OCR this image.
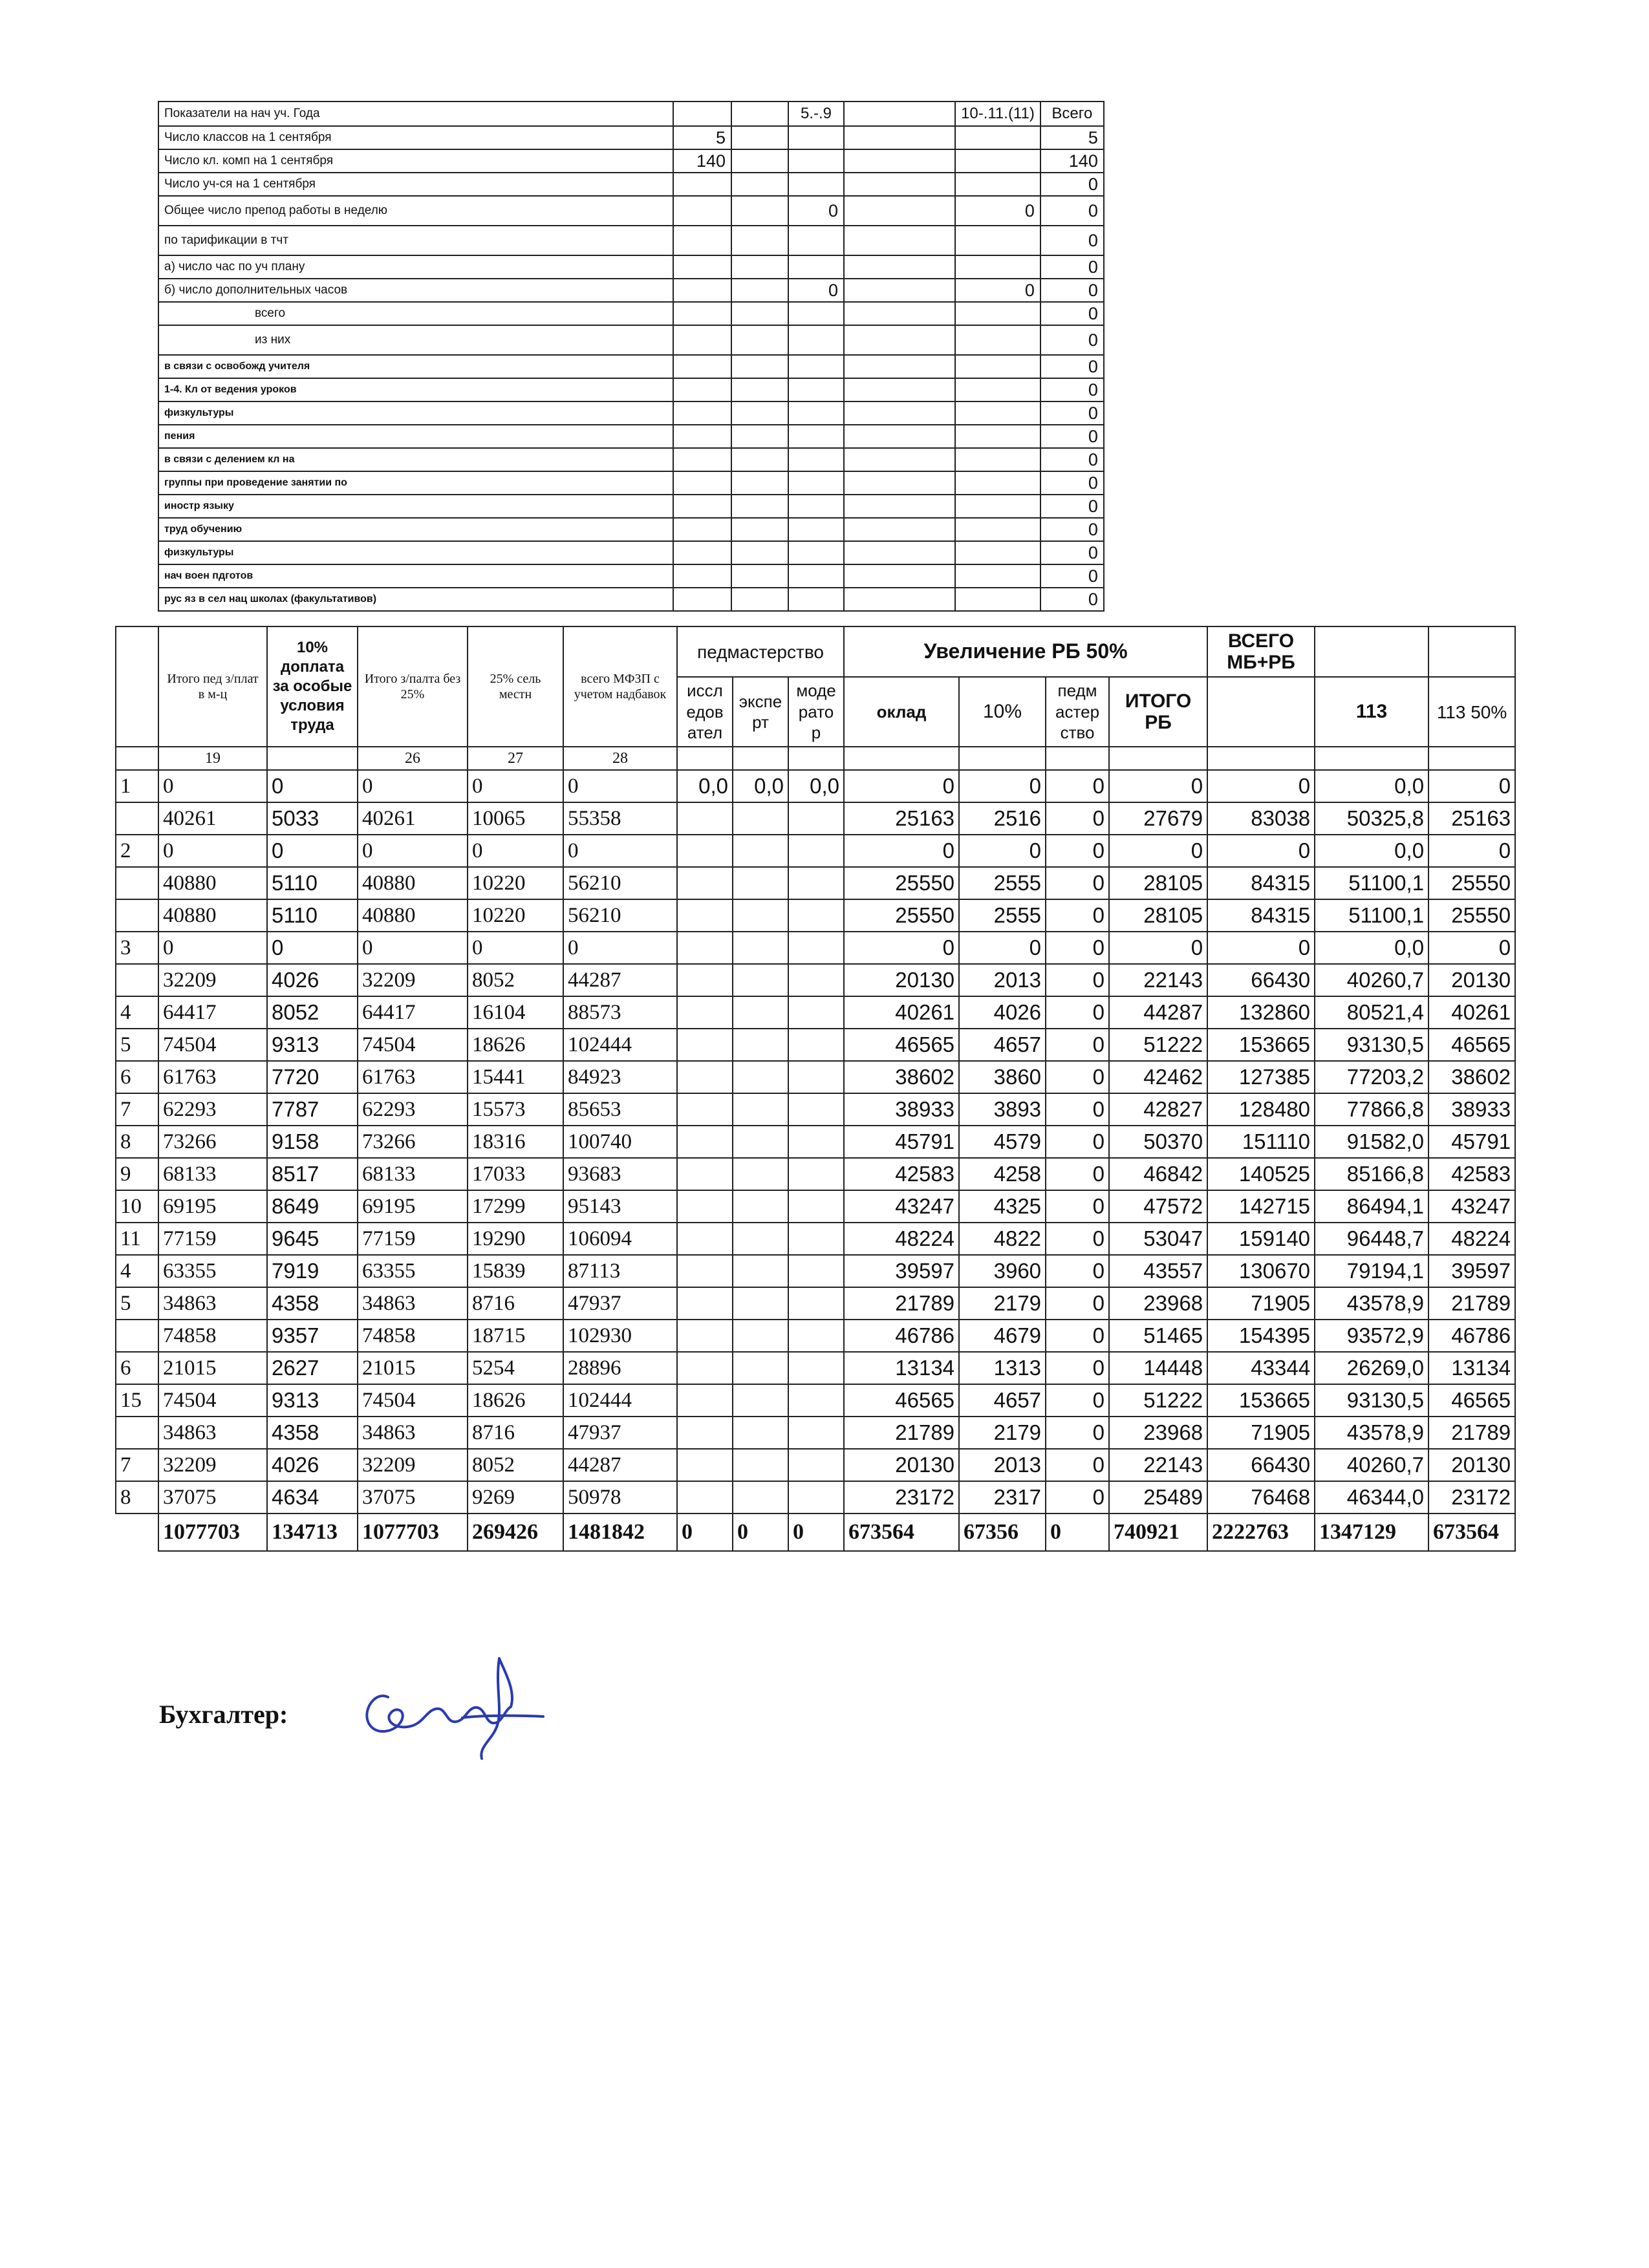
Показатели на нач уч. Года			5.-.9		10-.11.(11)	Всего
Число классов на 1 сентября	5					5
Число кл. комп на 1 сентября	140					140
Число уч-ся на 1 сентября						0
Общее число препод работы в неделю			0		0	0
по тарификации в тчт						0
а) число час по уч плану						0
б) число дополнительных часов			0		0	0
всего						0
из них						0
в связи с освобожд учителя						0
1-4. Кл от ведения уроков						0
физкультуры						0
пения						0
в связи с делением кл на						0
группы при проведение занятии по						0
иностр языку						0
труд обучению						0
физкультуры						0
нач воен пдготов						0
рус яз в сел нац школах (факультативов)						0
	Итого пед з/плат в м-ц	10% доплата за особые условия труда	Итого з/палта без 25%	25% сель местн	всего МФЗП с учетом надбавок	педмастерство			Увеличение РБ 50%				ВСЕГО МБ+РБ		
						иссл едов ател	экспе рт	моде рато р	оклад	10%	педм астер ство	ИТОГО РБ		113	113 50%
	19		26	27	28										
1	0	0	0	0	0	0,0	0,0	0,0	0	0	0	0	0	0,0	0
	40261	5033	40261	10065	55358				25163	2516	0	27679	83038	50325,8	25163
2	0	0	0	0	0				0	0	0	0	0	0,0	0
	40880	5110	40880	10220	56210				25550	2555	0	28105	84315	51100,1	25550
	40880	5110	40880	10220	56210				25550	2555	0	28105	84315	51100,1	25550
3	0	0	0	0	0				0	0	0	0	0	0,0	0
	32209	4026	32209	8052	44287				20130	2013	0	22143	66430	40260,7	20130
4	64417	8052	64417	16104	88573				40261	4026	0	44287	132860	80521,4	40261
5	74504	9313	74504	18626	102444				46565	4657	0	51222	153665	93130,5	46565
6	61763	7720	61763	15441	84923				38602	3860	0	42462	127385	77203,2	38602
7	62293	7787	62293	15573	85653				38933	3893	0	42827	128480	77866,8	38933
8	73266	9158	73266	18316	100740				45791	4579	0	50370	151110	91582,0	45791
9	68133	8517	68133	17033	93683				42583	4258	0	46842	140525	85166,8	42583
10	69195	8649	69195	17299	95143				43247	4325	0	47572	142715	86494,1	43247
11	77159	9645	77159	19290	106094				48224	4822	0	53047	159140	96448,7	48224
4	63355	7919	63355	15839	87113				39597	3960	0	43557	130670	79194,1	39597
5	34863	4358	34863	8716	47937				21789	2179	0	23968	71905	43578,9	21789
	74858	9357	74858	18715	102930				46786	4679	0	51465	154395	93572,9	46786
6	21015	2627	21015	5254	28896				13134	1313	0	14448	43344	26269,0	13134
15	74504	9313	74504	18626	102444				46565	4657	0	51222	153665	93130,5	46565
	34863	4358	34863	8716	47937				21789	2179	0	23968	71905	43578,9	21789
7	32209	4026	32209	8052	44287				20130	2013	0	22143	66430	40260,7	20130
8	37075	4634	37075	9269	50978				23172	2317	0	25489	76468	46344,0	23172
	1077703	134713	1077703	269426	1481842	0	0	0	673564	67356	0	740921	2222763	1347129	673564
Бухгалтер:
